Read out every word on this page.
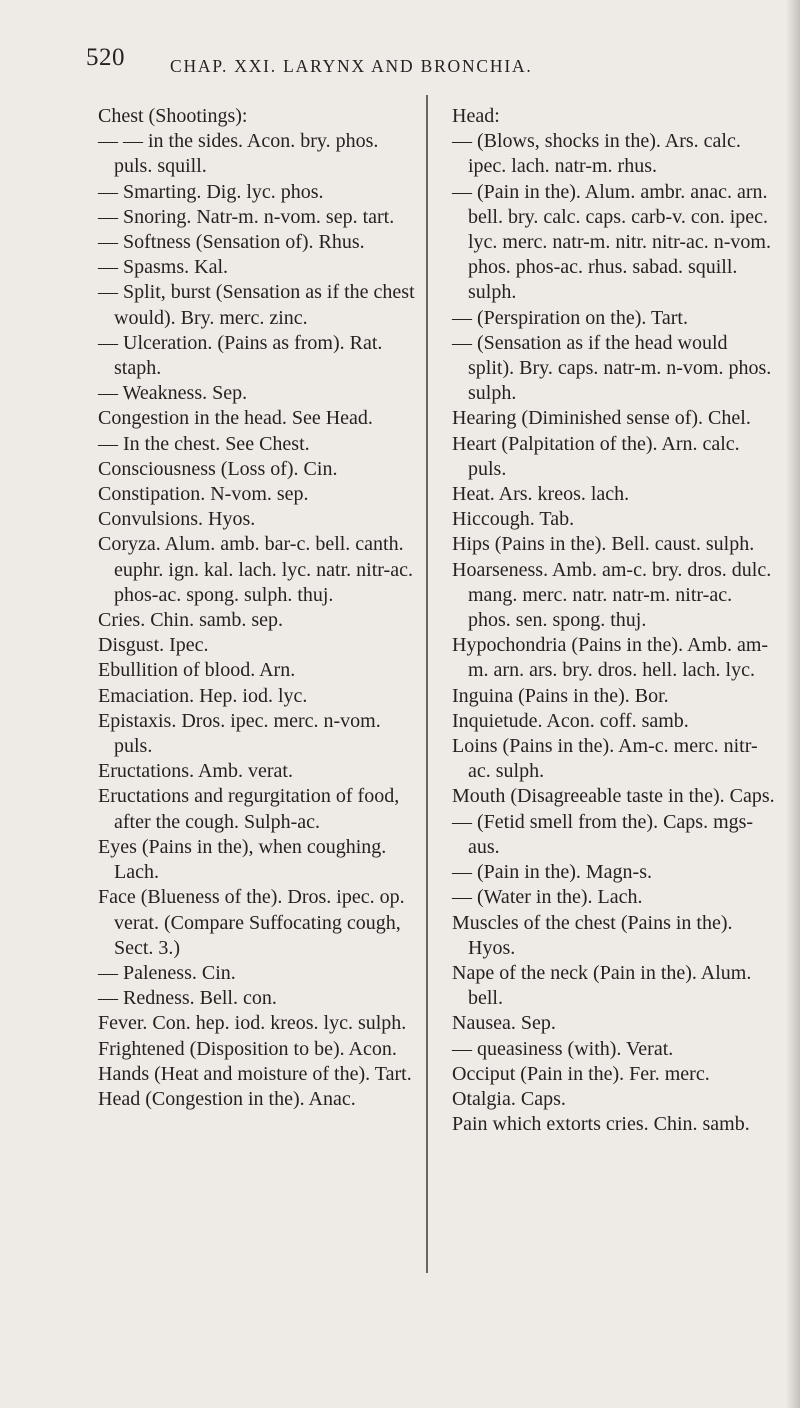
520	CHAP. XXI. LARYNX AND BRONCHIA.

Chest (Shootings):

— — in the sides. Acon. bry. phos. puls. squill.

— Smarting. Dig. lyc. phos.

— Snoring. Natr-m. n-vom. sep. tart.

— Softness (Sensation of). Rhus.

— Spasms. Kal.

— Split, burst (Sensation as if the chest would). Bry. merc. zinc.

— Ulceration. (Pains as from). Rat. staph.

— Weakness. Sep.

Congestion in the head. See Head.

— In the chest. See Chest.

Consciousness (Loss of). Cin.

Constipation. N-vom. sep.

Convulsions. Hyos.

Coryza. Alum. amb. bar-c. bell. canth. euphr. ign. kal. lach. lyc. natr. nitr-ac. phos-ac. spong. sulph. thuj.

Cries. Chin. samb. sep.

Disgust. Ipec.

Ebullition of blood. Arn.

Emaciation. Hep. iod. lyc.

Epistaxis. Dros. ipec. merc. n-vom. puls.

Eructations. Amb. verat.

Eructations and regurgitation of food, after the cough. Sulph-ac.

Eyes (Pains in the), when coughing. Lach.

Face (Blueness of the). Dros. ipec. op. verat. (Compare Suffocating cough, Sect. 3.)

— Paleness. Cin.

— Redness. Bell. con.

Fever. Con. hep. iod. kreos. lyc. sulph.

Frightened (Disposition to be). Acon.

Hands (Heat and moisture of the). Tart.

Head (Congestion in the). Anac.

Head:

— (Blows, shocks in the). Ars. calc. ipec. lach. natr-m. rhus.

— (Pain in the). Alum. ambr. anac. arn. bell. bry. calc. caps. carb-v. con. ipec. lyc. merc. natr-m. nitr. nitr-ac. n-vom. phos. phos-ac. rhus. sabad. squill. sulph.

— (Perspiration on the). Tart.

— (Sensation as if the head would split). Bry. caps. natr-m. n-vom. phos. sulph.

Hearing (Diminished sense of). Chel.

Heart (Palpitation of the). Arn. calc. puls.

Heat. Ars. kreos. lach.

Hiccough. Tab.

Hips (Pains in the). Bell. caust. sulph.

Hoarseness. Amb. am-c. bry. dros. dulc. mang. merc. natr. natr-m. nitr-ac. phos. sen. spong. thuj.

Hypochondria (Pains in the). Amb. am-m. arn. ars. bry. dros. hell. lach. lyc.

Inguina (Pains in the). Bor.

Inquietude. Acon. coff. samb.

Loins (Pains in the). Am-c. merc. nitr-ac. sulph.

Mouth (Disagreeable taste in the). Caps.

— (Fetid smell from the). Caps. mgs-aus.

— (Pain in the). Magn-s.

— (Water in the). Lach.

Muscles of the chest (Pains in the). Hyos.

Nape of the neck (Pain in the). Alum. bell.

Nausea. Sep.

— queasiness (with). Verat.

Occiput (Pain in the). Fer. merc.

Otalgia. Caps.

Pain which extorts cries. Chin. samb.
